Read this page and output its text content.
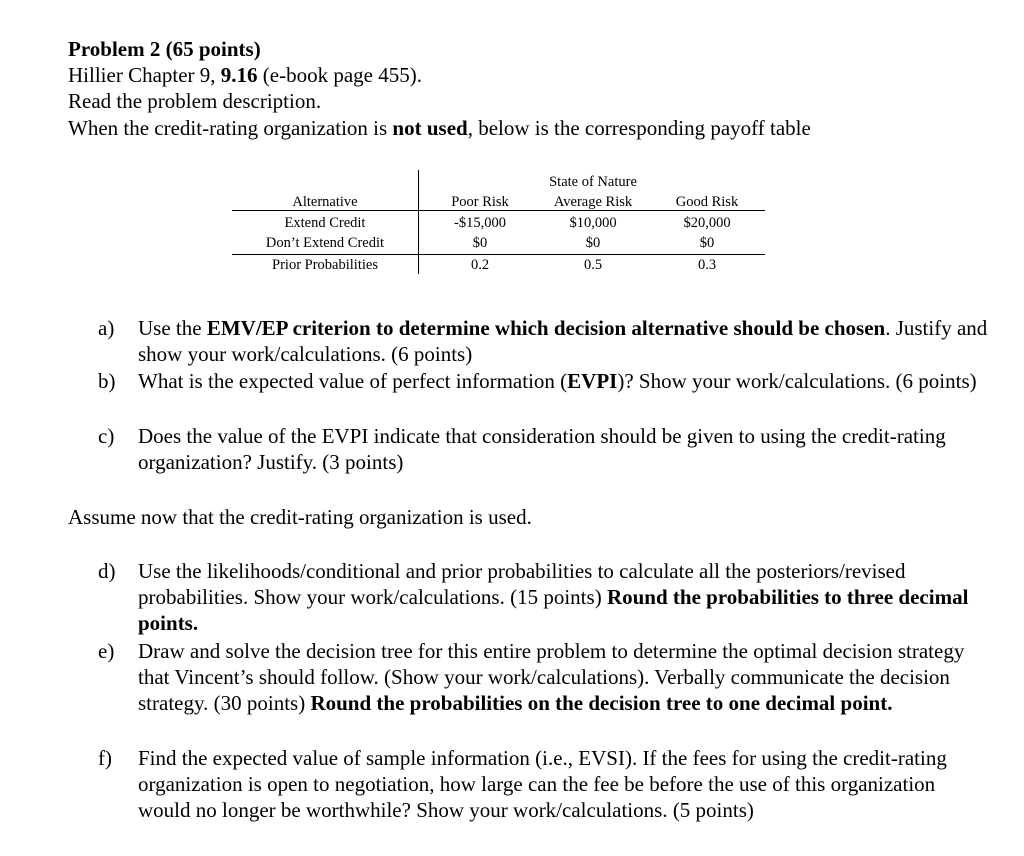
Problem 2 (65 points)
Hillier Chapter 9, 9.16 (e-book page 455).
Read the problem description.
When the credit-rating organization is not used, below is the corresponding payoff table
State of Nature
Alternative	Poor Risk	Average Risk	Good Risk
Extend Credit	-$15,000	$10,000	$20,000
Don’t Extend Credit	$0	$0	$0
Prior Probabilities	0.2	0.5	0.3
a)	Use the EMV/EP criterion to determine which decision alternative should be chosen. Justify and show your work/calculations. (6 points)
b)	What is the expected value of perfect information (EVPI)? Show your work/calculations. (6 points)
c)	Does the value of the EVPI indicate that consideration should be given to using the credit-rating organization? Justify. (3 points)
Assume now that the credit-rating organization is used.
d)	Use the likelihoods/conditional and prior probabilities to calculate all the posteriors/revised probabilities. Show your work/calculations. (15 points) Round the probabilities to three decimal points.
e)	Draw and solve the decision tree for this entire problem to determine the optimal decision strategy that Vincent’s should follow. (Show your work/calculations). Verbally communicate the decision strategy. (30 points) Round the probabilities on the decision tree to one decimal point.
f)	Find the expected value of sample information (i.e., EVSI). If the fees for using the credit-rating organization is open to negotiation, how large can the fee be before the use of this organization would no longer be worthwhile? Show your work/calculations. (5 points)
